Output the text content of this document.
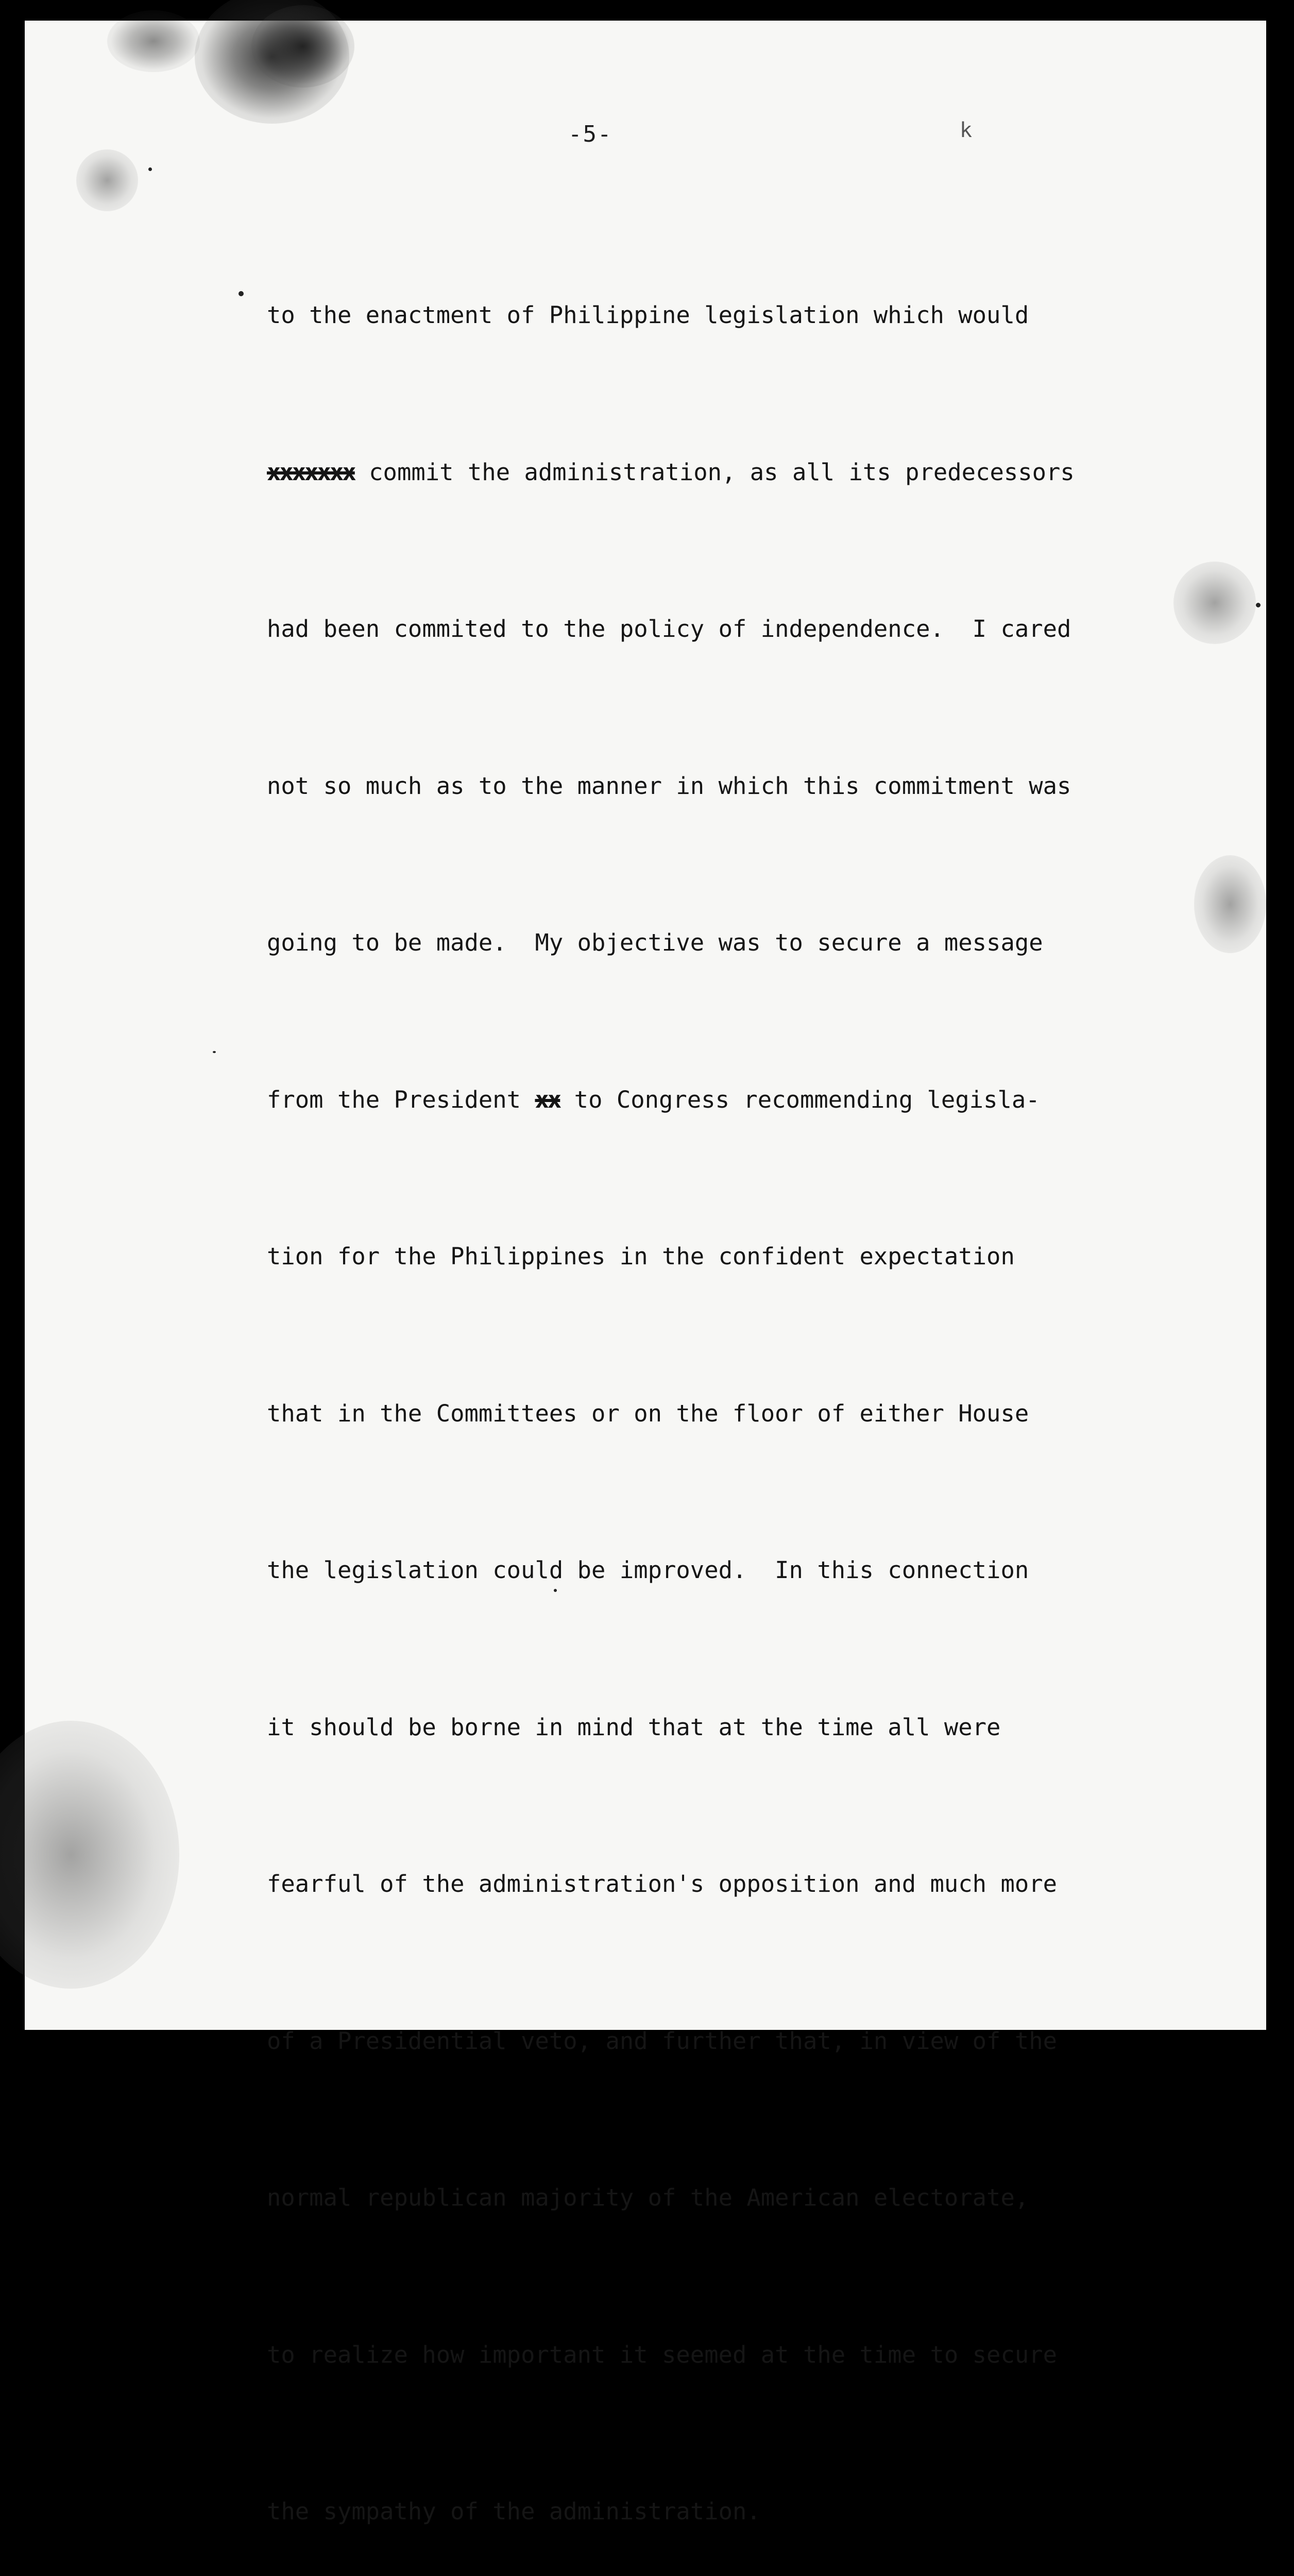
-5-	k

to the enactment of Philippine legislation which would

xxxxxxx commit the administration, as all its predecessors

had been commited to the policy of independence.  I cared

not so much as to the manner in which this commitment was

going to be made.  My objective was to secure a message

from the President xx to Congress recommending legisla-

tion for the Philippines in the confident expectation

that in the Committees or on the floor of either House

the legislation could be improved.  In this connection

it should be borne in mind that at the time all were

fearful of the administration's opposition and much more

of a Presidential veto, and further that, in view of the

normal republican majority of the American electorate,

to realize how important it seemed at the time to secure

the sympathy of the administration.
